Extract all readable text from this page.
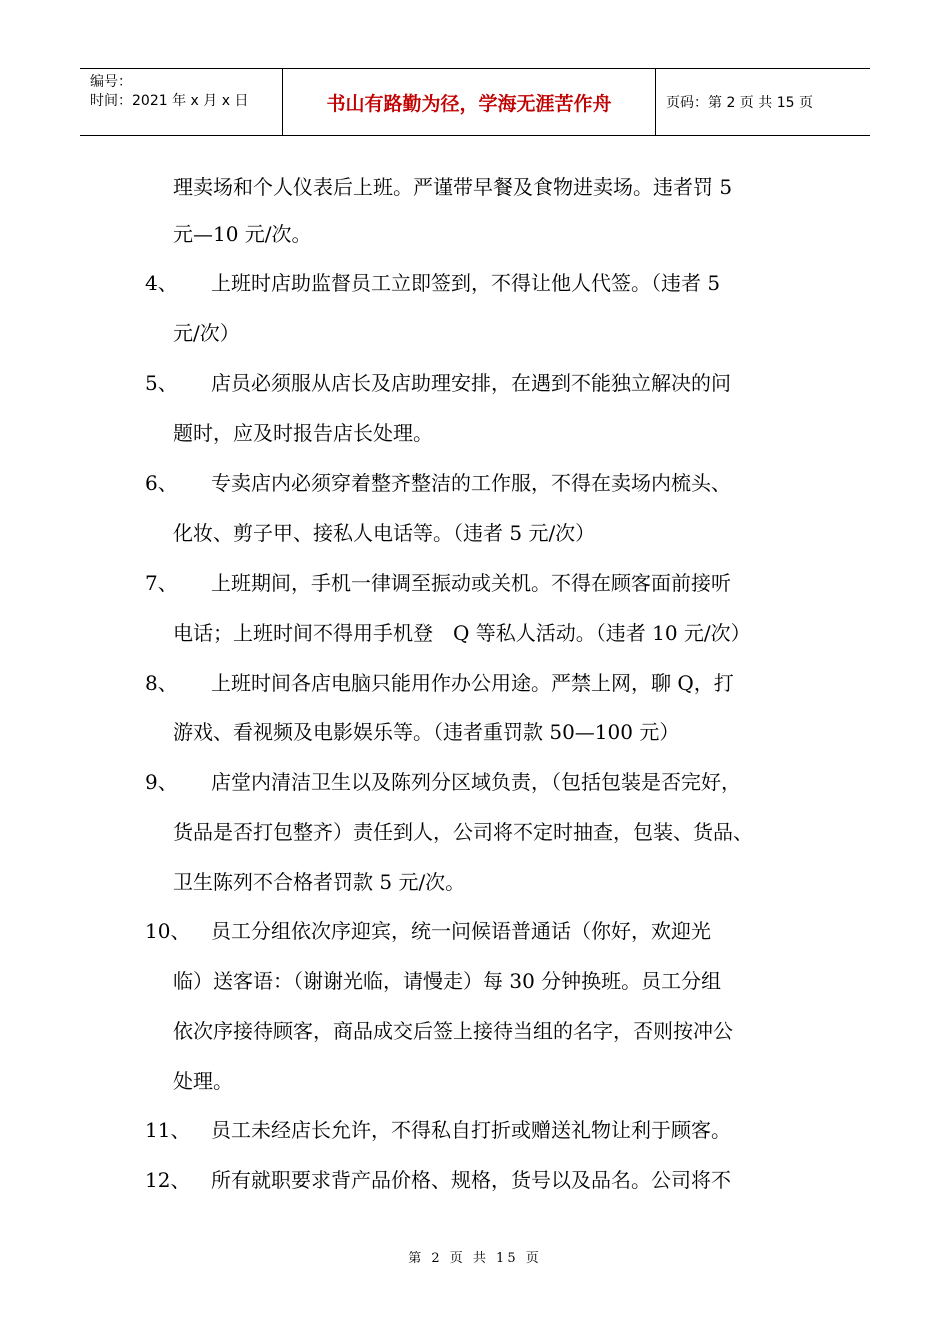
编号：
时间：2021 年 x 月 x 日	书山有路勤为径，学海无涯苦作舟	页码：第 2 页 共 15 页
理卖场和个人仪表后上班。严谨带早餐及食物进卖场。违者罚 5
元—10 元/次。
4、 上班时店助监督员工立即签到，不得让他人代签。（违者 5
元/次）
5、 店员必须服从店长及店助理安排，在遇到不能独立解决的问
题时，应及时报告店长处理。
6、 专卖店内必须穿着整齐整洁的工作服，不得在卖场内梳头、
化妆、剪子甲、接私人电话等。（违者 5 元/次）
7、 上班期间，手机一律调至振动或关机。不得在顾客面前接听
电话；上班时间不得用手机登　Q 等私人活动。（违者 10 元/次）
8、 上班时间各店电脑只能用作办公用途。严禁上网，聊 Q，打
游戏、看视频及电影娱乐等。（违者重罚款 50—100 元）
9、 店堂内清洁卫生以及陈列分区域负责，（包括包装是否完好，
货品是否打包整齐）责任到人，公司将不定时抽查，包装、货品、
卫生陈列不合格者罚款 5 元/次。
10、 员工分组依次序迎宾，统一问候语普通话（你好，欢迎光
临）送客语：（谢谢光临，请慢走）每 30 分钟换班。员工分组
依次序接待顾客，商品成交后签上接待当组的名字，否则按冲公
处理。
11、 员工未经店长允许，不得私自打折或赠送礼物让利于顾客。
12、 所有就职要求背产品价格、规格，货号以及品名。公司将不
第 2 页 共 15 页
